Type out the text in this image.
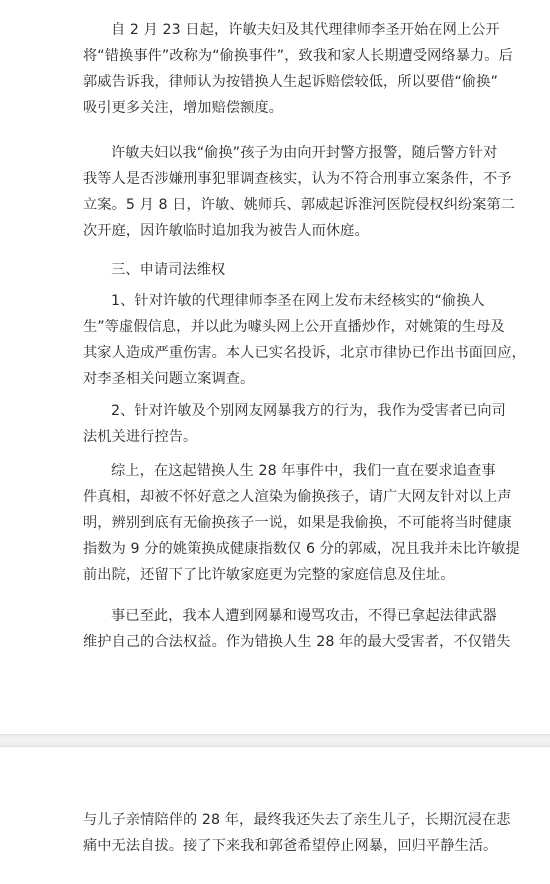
自 2 月 23 日起，许敏夫妇及其代理律师李圣开始在网上公开
将“错换事件”改称为“偷换事件”，致我和家人长期遭受网络暴力。后
郭威告诉我，律师认为按错换人生起诉赔偿较低，所以要借“偷换”
吸引更多关注，增加赔偿额度。

许敏夫妇以我“偷换”孩子为由向开封警方报警，随后警方针对
我等人是否涉嫌刑事犯罪调查核实，认为不符合刑事立案条件，不予
立案。5 月 8 日，许敏、姚师兵、郭威起诉淮河医院侵权纠纷案第二
次开庭，因许敏临时追加我为被告人而休庭。

三、申请司法维权

1、针对许敏的代理律师李圣在网上发布未经核实的“偷换人
生”等虚假信息，并以此为噱头网上公开直播炒作，对姚策的生母及
其家人造成严重伤害。本人已实名投诉，北京市律协已作出书面回应，
对李圣相关问题立案调查。

2、针对许敏及个别网友网暴我方的行为，我作为受害者已向司
法机关进行控告。

综上，在这起错换人生 28 年事件中，我们一直在要求追查事
件真相，却被不怀好意之人渲染为偷换孩子，请广大网友针对以上声
明，辨别到底有无偷换孩子一说，如果是我偷换，不可能将当时健康
指数为 9 分的姚策换成健康指数仅 6 分的郭威，况且我并未比许敏提
前出院，还留下了比许敏家庭更为完整的家庭信息及住址。

事已至此，我本人遭到网暴和谩骂攻击，不得已拿起法律武器
维护自己的合法权益。作为错换人生 28 年的最大受害者，不仅错失

与儿子亲情陪伴的 28 年，最终我还失去了亲生儿子，长期沉浸在悲
痛中无法自拔。接了下来我和郭爸希望停止网暴，回归平静生活。
